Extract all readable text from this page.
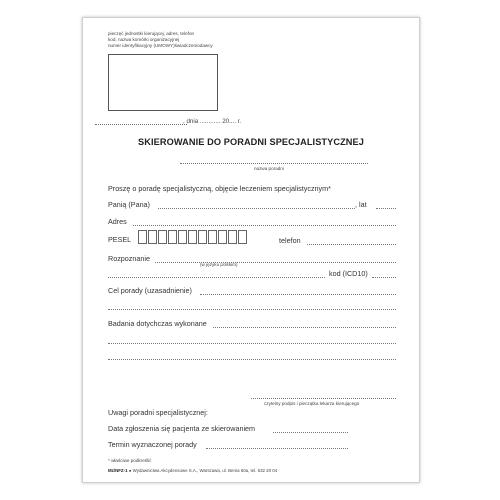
pieczęć jednostki kierującej, adres, telefon
kod, nazwa komórki organizacyjnej
numer identyfikacyjny (UMOWY)świadczeniodawcy
, dnia ............ 20.... r.
SKIEROWANIE DO PORADNI SPECJALISTYCZNEJ
nazwa poradni
Proszę o poradę specjalistyczną, objęcie leczeniem specjalistycznym*
Panią (Pana)	, lat
Adres
PESEL	telefon
Rozpoznanie
(w języku polskim)
kod (ICD10)
Cel porady (uzasadnienie)
Badania dotychczas wykonane
czytelny podpis i pieczątka lekarza kierującego
Uwagi poradni specjalistycznej:
Data zgłoszenia się pacjenta ze skierowaniem
Termin wyznaczonej porady
* właściwe podkreślić
Mz/NFZ-1 ● Wydawnictwa Akcydensowe S.A., Warszawa, ul. Bema 60a, tel. 632 20 04
